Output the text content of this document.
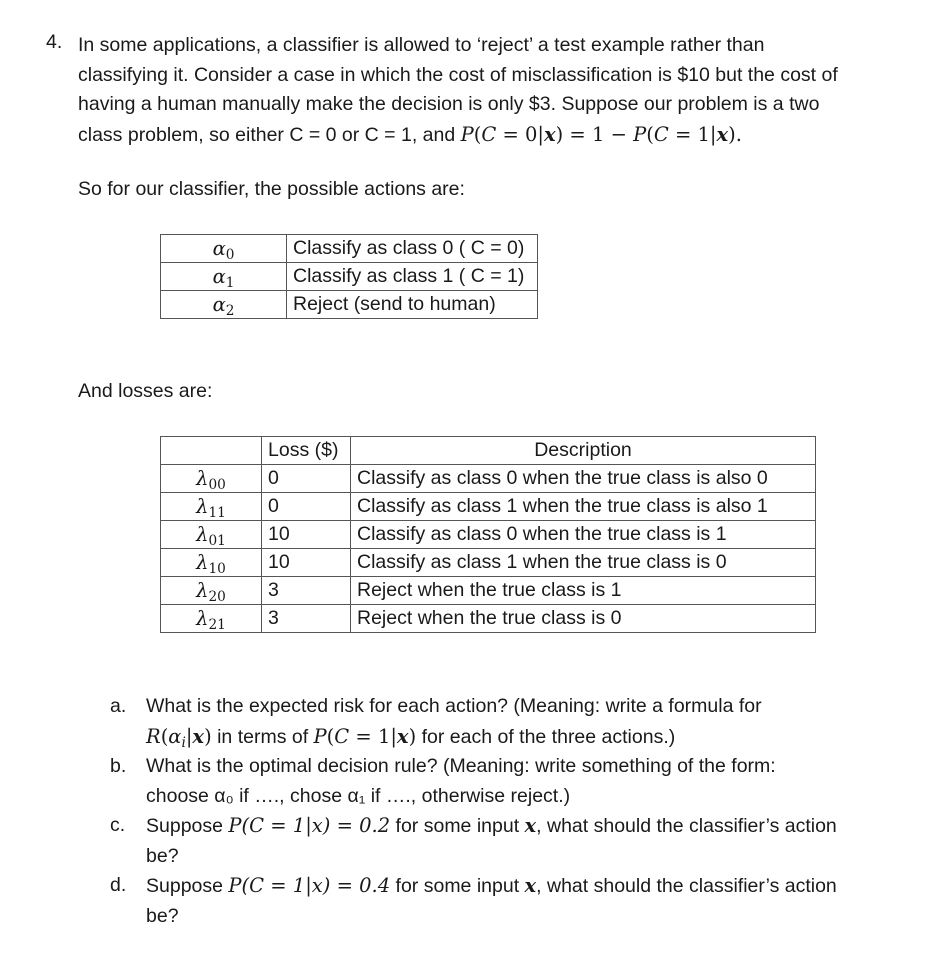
4. In some applications, a classifier is allowed to ‘reject’ a test example rather than
classifying it. Consider a case in which the cost of misclassification is $10 but the cost of
having a human manually make the decision is only $3. Suppose our problem is a two
class problem, so either C = 0 or C = 1, and P(C = 0|x) = 1 − P(C = 1|x).
So for our classifier, the possible actions are:
$\alpha_0$	Classify as class 0 ( C = 0)
$\alpha_1$	Classify as class 1 ( C = 1)
$\alpha_2$	Reject (send to human)
And losses are:
	Loss ($)	Description
$\lambda_{00}$	0	Classify as class 0 when the true class is also 0
$\lambda_{11}$	0	Classify as class 1 when the true class is also 1
$\lambda_{01}$	10	Classify as class 0 when the true class is 1
$\lambda_{10}$	10	Classify as class 1 when the true class is 0
$\lambda_{20}$	3	Reject when the true class is 1
$\lambda_{21}$	3	Reject when the true class is 0
a. What is the expected risk for each action? (Meaning: write a formula for
$R(\alpha_i|x)$ in terms of P(C = 1|x) for each of the three actions.)
b. What is the optimal decision rule? (Meaning: write something of the form:
choose α₀ if …., chose α₁ if …., otherwise reject.)
c. Suppose P(C = 1|x) = 0.2 for some input x, what should the classifier’s action
be?
d. Suppose P(C = 1|x) = 0.4 for some input x, what should the classifier’s action
be?
